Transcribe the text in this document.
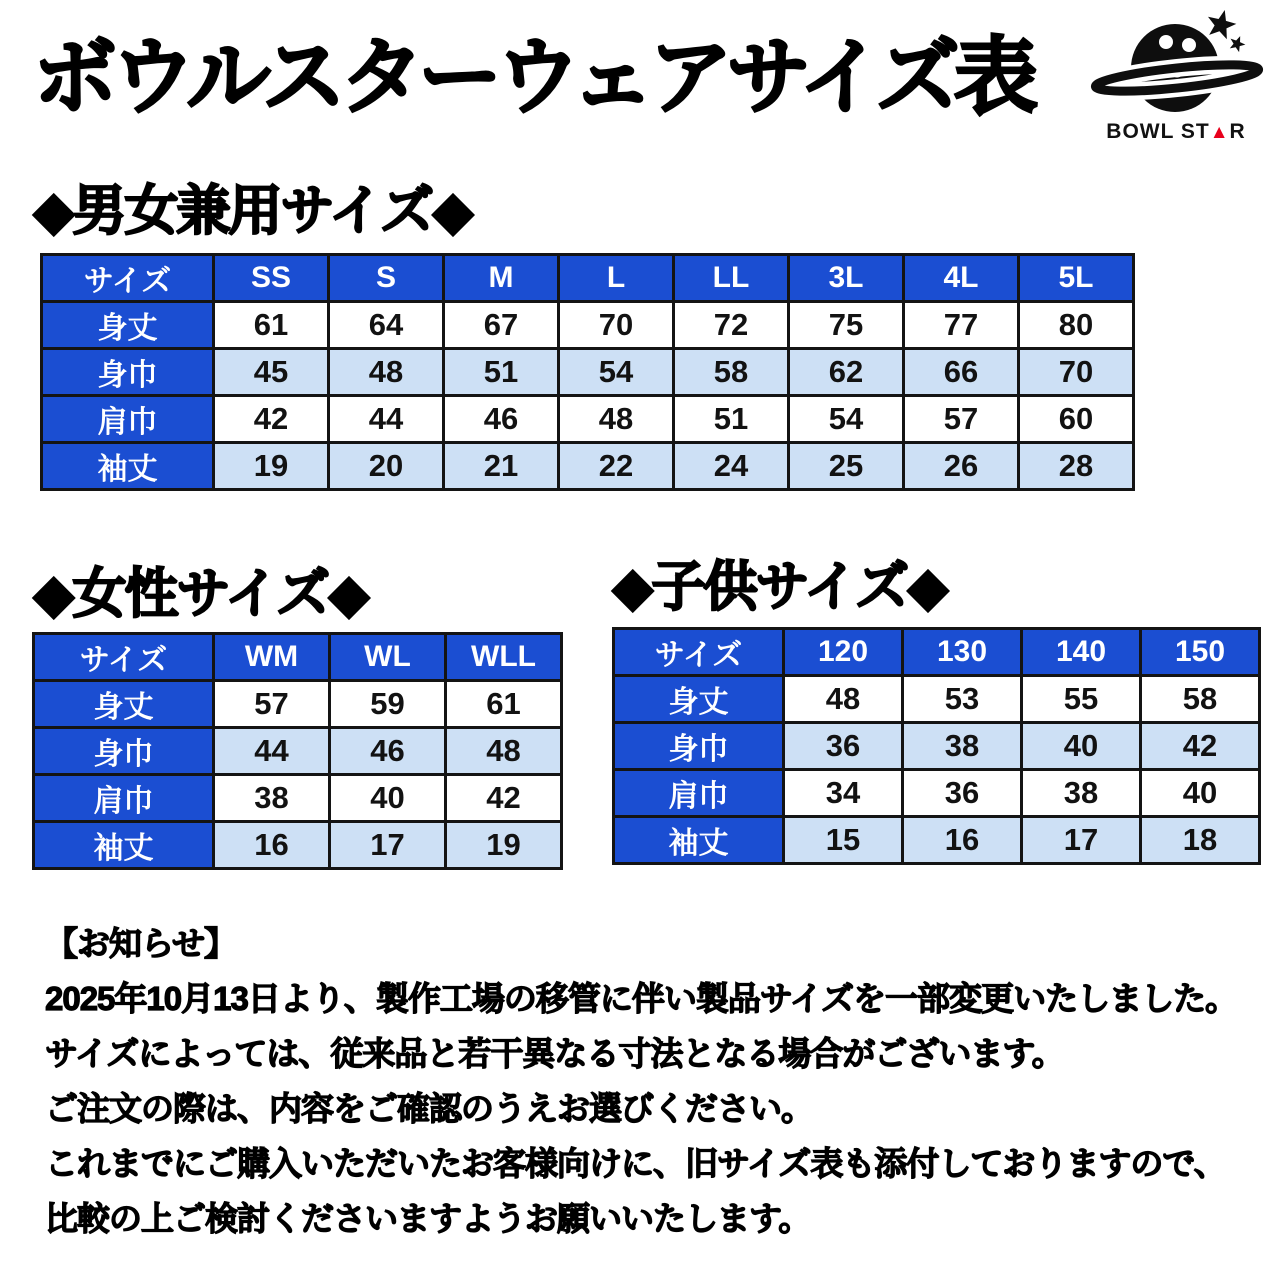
ボウルスターウェアサイズ表
BOWL ST▲R
◆男女兼用サイズ◆
◆女性サイズ◆	◆子供サイズ◆
サイズ	SS	S	M	L	LL	3L	4L	5L
身丈	61	64	67	70	72	75	77	80
身巾	45	48	51	54	58	62	66	70
肩巾	42	44	46	48	51	54	57	60
袖丈	19	20	21	22	24	25	26	28
サイズ	WM	WL	WLL
身丈	57	59	61
身巾	44	46	48
肩巾	38	40	42
袖丈	16	17	19
サイズ	120	130	140	150
身丈	48	53	55	58
身巾	36	38	40	42
肩巾	34	36	38	40
袖丈	15	16	17	18
【お知らせ】
2025年10月13日より、製作工場の移管に伴い製品サイズを一部変更いたしました。
サイズによっては、従来品と若干異なる寸法となる場合がございます。
ご注文の際は、内容をご確認のうえお選びください。
これまでにご購入いただいたお客様向けに、旧サイズ表も添付しておりますので、
比較の上ご検討くださいますようお願いいたします。
